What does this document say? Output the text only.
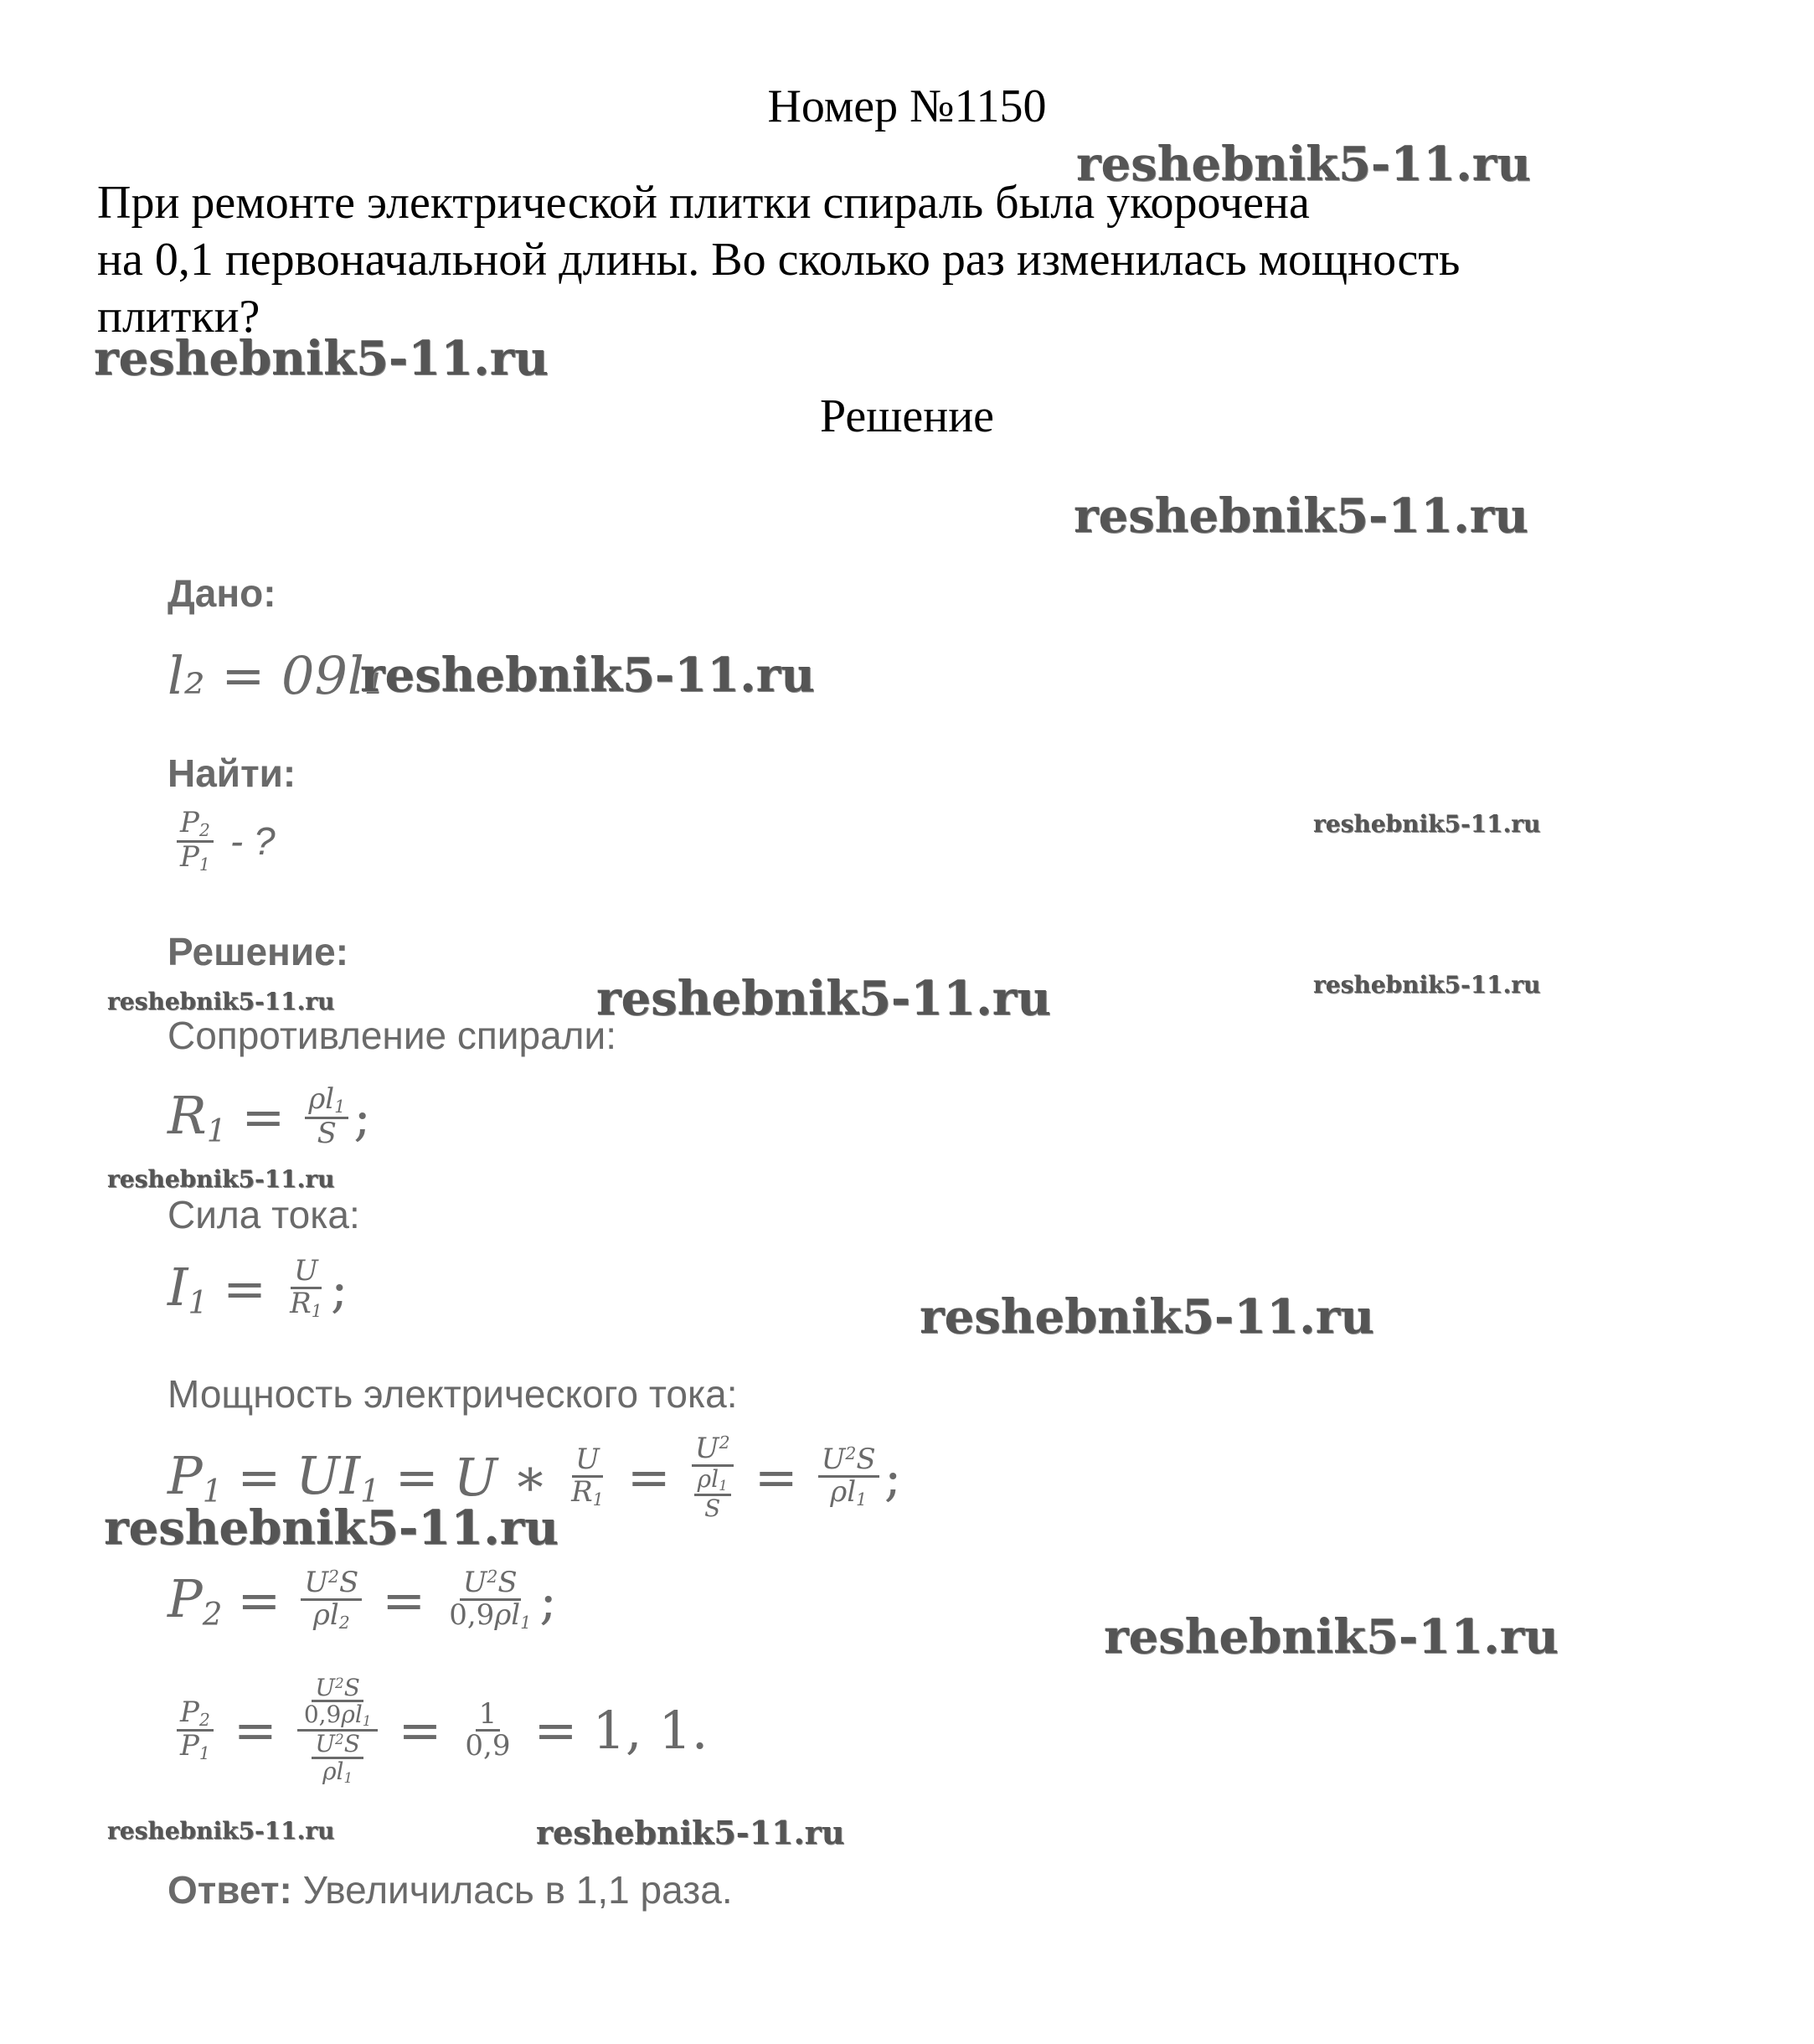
Номер №1150
При ремонте электрической плитки спираль была укорочена
на 0,1 первоначальной длины. Во сколько раз изменилась мощность
плитки?
Решение
Дано:
l₂ = 09l₁
Найти:
$\frac{P_2}{P_1}$ - ?
Решение:
Сопротивление спирали:
$R_1 = \frac{\rho l_1}{S}$ ;
Сила тока:
$I_1 = \frac{U}{R_1}$ ;
Мощность электрического тока:
$P_1 = UI_1 = U$ ∗ $\frac{U}{R_1} = \frac{U^2}{\frac{\rho l_1}{S}} = \frac{U^2S}{\rho l_1}$ ;
$P_2 = \frac{U^2S}{\rho l_2} = \frac{U^2S}{0,9\rho l_1}$ ;
$\frac{P_2}{P_1} = \frac{\frac{U^2S}{0,9\rho l_1}}{\frac{U^2S}{\rho l_1}} = \frac{1}{0,9} = 1$, 1.
Ответ: Увеличилась в 1,1 раза.
reshebnik5-11.ru
reshebnik5-11.ru
reshebnik5-11.ru
reshebnik5-11.ru
reshebnik5-11.ru
reshebnik5-11.ru
reshebnik5-11.ru
reshebnik5-11.ru
reshebnik5-11.ru
reshebnik5-11.ru
reshebnik5-11.ru
reshebnik5-11.ru
reshebnik5-11.ru	reshebnik5-11.ru
